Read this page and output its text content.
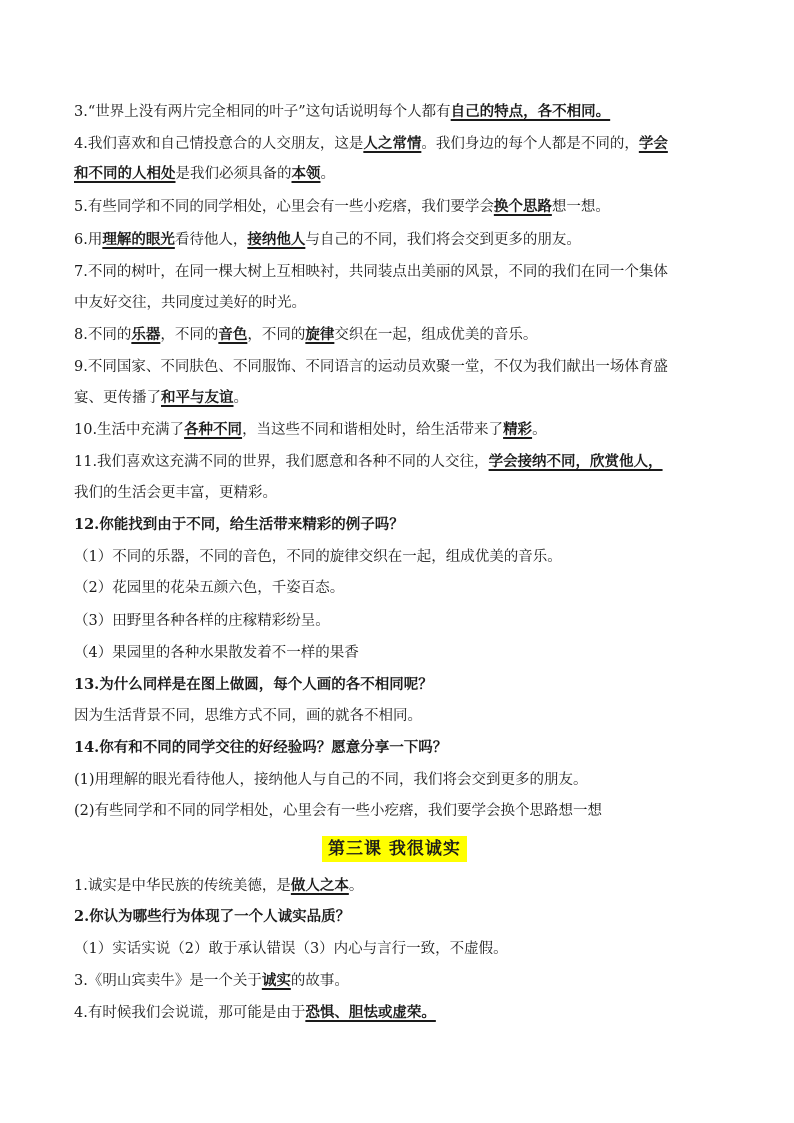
3.“世界上没有两片完全相同的叶子”这句话说明每个人都有自己的特点，各不相同。
4.我们喜欢和自己情投意合的人交朋友，这是人之常情。我们身边的每个人都是不同的，学会
和不同的人相处是我们必须具备的本领。
5.有些同学和不同的同学相处，心里会有一些小疙瘩，我们要学会换个思路想一想。
6.用理解的眼光看待他人，接纳他人与自己的不同，我们将会交到更多的朋友。
7.不同的树叶，在同一棵大树上互相映衬，共同装点出美丽的风景，不同的我们在同一个集体
中友好交往，共同度过美好的时光。
8.不同的乐器，不同的音色，不同的旋律交织在一起，组成优美的音乐。
9.不同国家、不同肤色、不同服饰、不同语言的运动员欢聚一堂，不仅为我们献出一场体育盛
宴、更传播了和平与友谊。
10.生活中充满了各种不同，当这些不同和谐相处时，给生活带来了精彩。
11.我们喜欢这充满不同的世界，我们愿意和各种不同的人交往，学会接纳不同，欣赏他人，
我们的生活会更丰富，更精彩。
12.你能找到由于不同，给生活带来精彩的例子吗？
（1）不同的乐器，不同的音色，不同的旋律交织在一起，组成优美的音乐。
（2）花园里的花朵五颜六色，千姿百态。
（3）田野里各种各样的庄稼精彩纷呈。
（4）果园里的各种水果散发着不一样的果香
13.为什么同样是在图上做圆，每个人画的各不相同呢？
因为生活背景不同，思维方式不同，画的就各不相同。
14.你有和不同的同学交往的好经验吗？愿意分享一下吗？
(1)用理解的眼光看待他人，接纳他人与自己的不同，我们将会交到更多的朋友。
(2)有些同学和不同的同学相处，心里会有一些小疙瘩，我们要学会换个思路想一想
1.诚实是中华民族的传统美德，是做人之本。
2.你认为哪些行为体现了一个人诚实品质？
（1）实话实说（2）敢于承认错误（3）内心与言行一致，不虚假。
3.《明山宾卖牛》是一个关于诚实的故事。
4.有时候我们会说谎，那可能是由于恐惧、胆怯或虚荣。
第三课 我很诚实
